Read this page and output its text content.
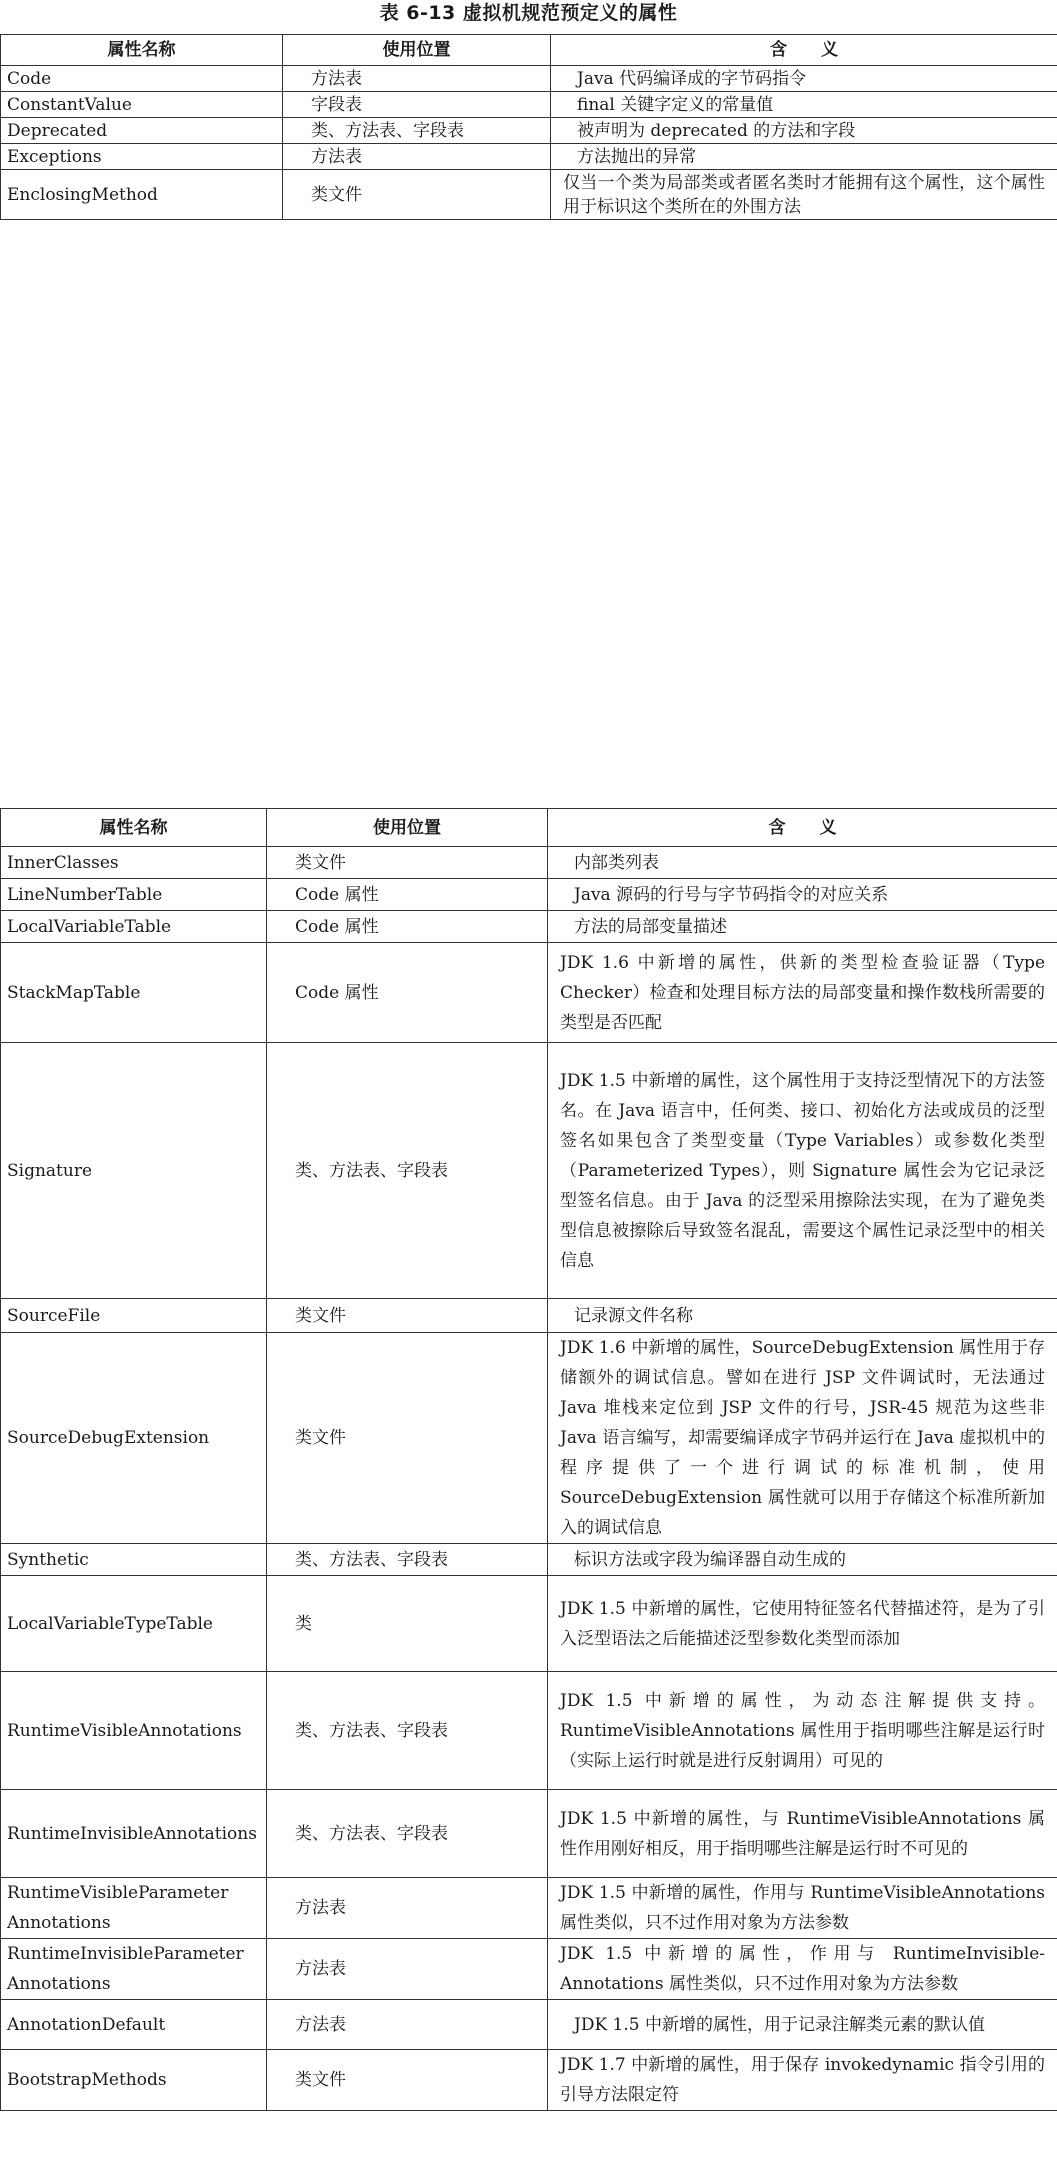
表 6-13 虚拟机规范预定义的属性
属性名称	使用位置	含　　义
Code	方法表	Java 代码编译成的字节码指令
ConstantValue	字段表	final 关键字定义的常量值
Deprecated	类、方法表、字段表	被声明为 deprecated 的方法和字段
Exceptions	方法表	方法抛出的异常
EnclosingMethod	类文件	仅当一个类为局部类或者匿名类时才能拥有这个属性，这个属性用于标识这个类所在的外围方法
属性名称	使用位置	含　　义
InnerClasses	类文件	内部类列表
LineNumberTable	Code 属性	Java 源码的行号与字节码指令的对应关系
LocalVariableTable	Code 属性	方法的局部变量描述
StackMapTable	Code 属性	JDK 1.6 中新增的属性，供新的类型检查验证器（Type Checker）检查和处理目标方法的局部变量和操作数栈所需要的类型是否匹配
Signature	类、方法表、字段表	JDK 1.5 中新增的属性，这个属性用于支持泛型情况下的方法签名。在 Java 语言中，任何类、接口、初始化方法或成员的泛型签名如果包含了类型变量（Type Variables）或参数化类型（Parameterized Types），则 Signature 属性会为它记录泛型签名信息。由于 Java 的泛型采用擦除法实现，在为了避免类型信息被擦除后导致签名混乱，需要这个属性记录泛型中的相关信息
SourceFile	类文件	记录源文件名称
SourceDebugExtension	类文件	JDK 1.6 中新增的属性，SourceDebugExtension 属性用于存储额外的调试信息。譬如在进行 JSP 文件调试时，无法通过 Java 堆栈来定位到 JSP 文件的行号，JSR-45 规范为这些非 Java 语言编写，却需要编译成字节码并运行在 Java 虚拟机中的程序提供了一个进行调试的标准机制，使用 SourceDebugExtension 属性就可以用于存储这个标准所新加入的调试信息
Synthetic	类、方法表、字段表	标识方法或字段为编译器自动生成的
LocalVariableTypeTable	类	JDK 1.5 中新增的属性，它使用特征签名代替描述符，是为了引入泛型语法之后能描述泛型参数化类型而添加
RuntimeVisibleAnnotations	类、方法表、字段表	JDK 1.5 中新增的属性，为动态注解提供支持。RuntimeVisibleAnnotations 属性用于指明哪些注解是运行时（实际上运行时就是进行反射调用）可见的
RuntimeInvisibleAnnotations	类、方法表、字段表	JDK 1.5 中新增的属性，与 RuntimeVisibleAnnotations 属性作用刚好相反，用于指明哪些注解是运行时不可见的
RuntimeVisibleParameter Annotations	方法表	JDK 1.5 中新增的属性，作用与 RuntimeVisibleAnnotations 属性类似，只不过作用对象为方法参数
RuntimeInvisibleParameter Annotations	方法表	JDK 1.5 中新增的属性，作用与 RuntimeInvisible-Annotations 属性类似，只不过作用对象为方法参数
AnnotationDefault	方法表	JDK 1.5 中新增的属性，用于记录注解类元素的默认值
BootstrapMethods	类文件	JDK 1.7 中新增的属性，用于保存 invokedynamic 指令引用的引导方法限定符
